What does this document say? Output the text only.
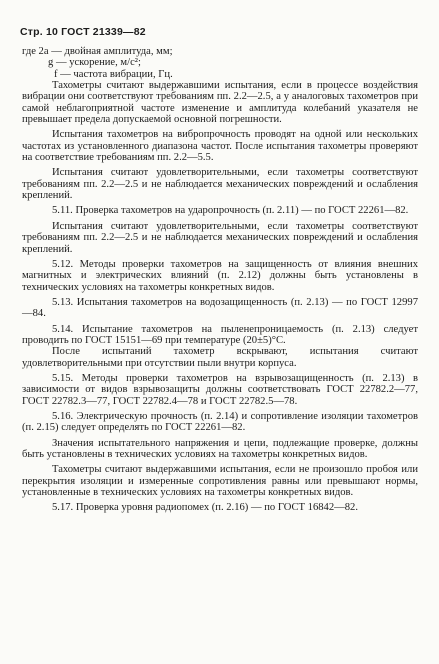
Стр. 10 ГОСТ 21339—82

где 2a — двойная амплитуда, мм;

g — ускорение, м/с²;

f — частота вибрации, Гц.

Тахометры считают выдержавшими испытания, если в процессе воздействия вибрации они соответствуют требованиям пп. 2.2—2.5, а у аналоговых тахометров при самой неблагоприятной частоте изменение и амплитуда колебаний указателя не превышает предела допускаемой основной погрешности.

Испытания тахометров на вибропрочность проводят на одной или нескольких частотах из установленного диапазона частот. После испытания тахометры проверяют на соответствие требованиям пп. 2.2—5.5.

Испытания считают удовлетворительными, если тахометры соответствуют требованиям пп. 2.2—2.5 и не наблюдается механических повреждений и ослабления креплений.

5.11. Проверка тахометров на ударопрочность (п. 2.11) — по ГОСТ 22261—82.

Испытания считают удовлетворительными, если тахометры соответствуют требованиям пп. 2.2—2.5 и не наблюдается механических повреждений и ослабления креплений.

5.12. Методы проверки тахометров на защищенность от влияния внешних магнитных и электрических влияний (п. 2.12) должны быть установлены в технических условиях на тахометры конкретных видов.

5.13. Испытания тахометров на водозащищенность (п. 2.13) — по ГОСТ 12997—84.

5.14. Испытание тахометров на пыленепроницаемость (п. 2.13) следует проводить по ГОСТ 15151—69 при температуре (20±5)°С.

После испытаний тахометр вскрывают, испытания считают удовлетворительными при отсутствии пыли внутри корпуса.

5.15. Методы проверки тахометров на взрывозащищенность (п. 2.13) в зависимости от видов взрывозащиты должны соответствовать ГОСТ 22782.2—77, ГОСТ 22782.3—77, ГОСТ 22782.4—78 и ГОСТ 22782.5—78.

5.16. Электрическую прочность (п. 2.14) и сопротивление изоляции тахометров (п. 2.15) следует определять по ГОСТ 22261—82.

Значения испытательного напряжения и цепи, подлежащие проверке, должны быть установлены в технических условиях на тахометры конкретных видов.

Тахометры считают выдержавшими испытания, если не произошло пробоя или перекрытия изоляции и измеренные сопротивления равны или превышают нормы, установленные в технических условиях на тахометры конкретных видов.

5.17. Проверка уровня радиопомех (п. 2.16) — по ГОСТ 16842—82.
